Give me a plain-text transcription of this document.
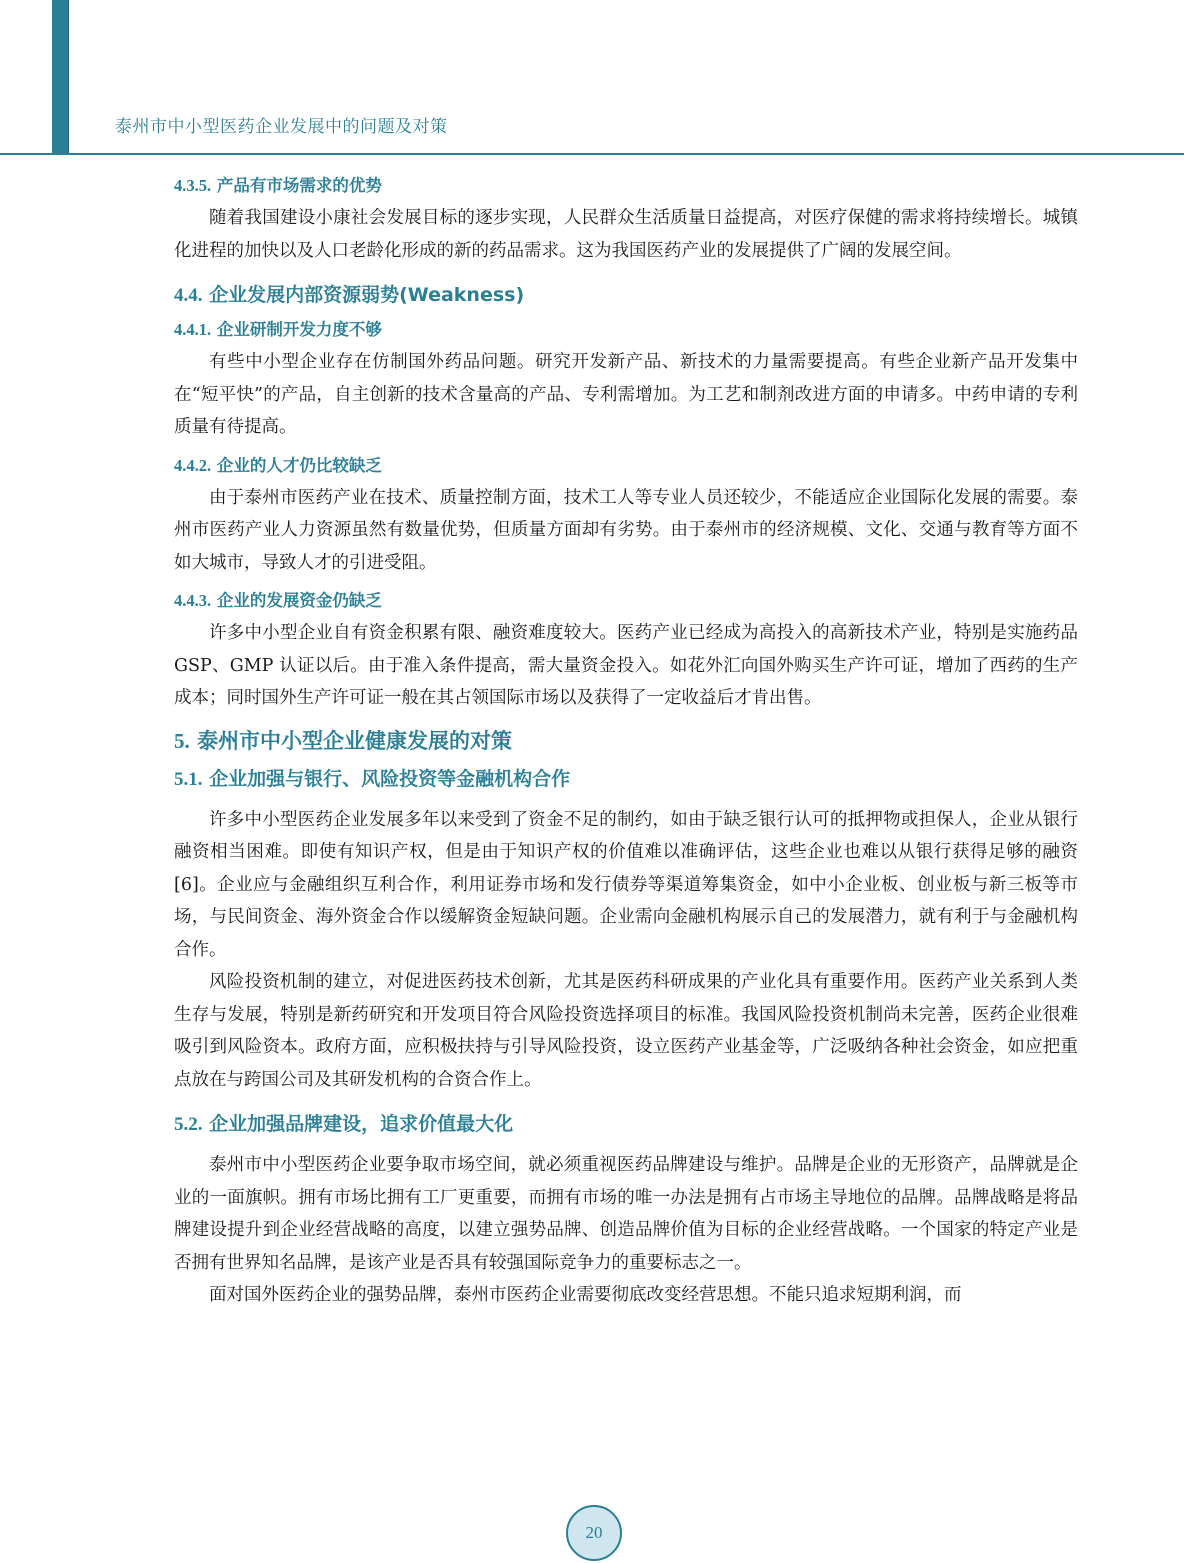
泰州市中小型医药企业发展中的问题及对策
4.3.5. 产品有市场需求的优势

随着我国建设小康社会发展目标的逐步实现，人民群众生活质量日益提高，对医疗保健的需求将持续增长。城镇化进程的加快以及人口老龄化形成的新的药品需求。这为我国医药产业的发展提供了广阔的发展空间。

4.4. 企业发展内部资源弱势(Weakness)
4.4.1. 企业研制开发力度不够

有些中小型企业存在仿制国外药品问题。研究开发新产品、新技术的力量需要提高。有些企业新产品开发集中在“短平快”的产品，自主创新的技术含量高的产品、专利需增加。为工艺和制剂改进方面的申请多。中药申请的专利质量有待提高。

4.4.2. 企业的人才仍比较缺乏

由于泰州市医药产业在技术、质量控制方面，技术工人等专业人员还较少，不能适应企业国际化发展的需要。泰州市医药产业人力资源虽然有数量优势，但质量方面却有劣势。由于泰州市的经济规模、文化、交通与教育等方面不如大城市，导致人才的引进受阻。

4.4.3. 企业的发展资金仍缺乏

许多中小型企业自有资金积累有限、融资难度较大。医药产业已经成为高投入的高新技术产业，特别是实施药品 GSP、GMP 认证以后。由于准入条件提高，需大量资金投入。如花外汇向国外购买生产许可证，增加了西药的生产成本；同时国外生产许可证一般在其占领国际市场以及获得了一定收益后才肯出售。

5. 泰州市中小型企业健康发展的对策
5.1. 企业加强与银行、风险投资等金融机构合作

许多中小型医药企业发展多年以来受到了资金不足的制约，如由于缺乏银行认可的抵押物或担保人，企业从银行融资相当困难。即使有知识产权，但是由于知识产权的价值难以准确评估，这些企业也难以从银行获得足够的融资[6]。企业应与金融组织互利合作，利用证券市场和发行债券等渠道筹集资金，如中小企业板、创业板与新三板等市场，与民间资金、海外资金合作以缓解资金短缺问题。企业需向金融机构展示自己的发展潜力，就有利于与金融机构合作。

风险投资机制的建立，对促进医药技术创新，尤其是医药科研成果的产业化具有重要作用。医药产业关系到人类生存与发展，特别是新药研究和开发项目符合风险投资选择项目的标准。我国风险投资机制尚未完善，医药企业很难吸引到风险资本。政府方面，应积极扶持与引导风险投资，设立医药产业基金等，广泛吸纳各种社会资金，如应把重点放在与跨国公司及其研发机构的合资合作上。

5.2. 企业加强品牌建设，追求价值最大化

泰州市中小型医药企业要争取市场空间，就必须重视医药品牌建设与维护。品牌是企业的无形资产，品牌就是企业的一面旗帜。拥有市场比拥有工厂更重要，而拥有市场的唯一办法是拥有占市场主导地位的品牌。品牌战略是将品牌建设提升到企业经营战略的高度，以建立强势品牌、创造品牌价值为目标的企业经营战略。一个国家的特定产业是否拥有世界知名品牌，是该产业是否具有较强国际竞争力的重要标志之一。

面对国外医药企业的强势品牌，泰州市医药企业需要彻底改变经营思想。不能只追求短期利润，而

20
